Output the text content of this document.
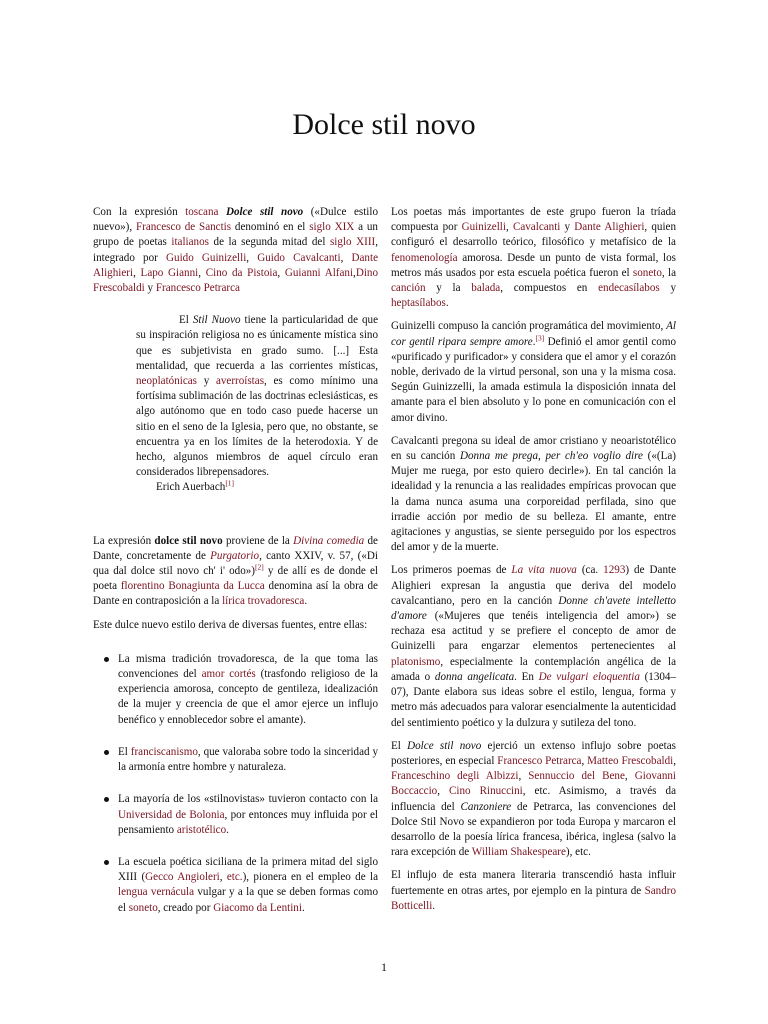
Dolce stil novo

Con la expresión toscana Dolce stil novo («Dulce estilo nuevo»), Francesco de Sanctis denominó en el siglo XIX a un grupo de poetas italianos de la segunda mitad del siglo XIII, integrado por Guido Guinizelli, Guido Cavalcanti, Dante Alighieri, Lapo Gianni, Cino da Pistoia, Guianni Alfani,Dino Frescobaldi y Francesco Petrarca

El Stil Nuovo tiene la particularidad de que su inspiración religiosa no es únicamente mística sino que es subjetivista en grado sumo. [...] Esta mentalidad, que recuerda a las corrientes místicas, neoplatónicas y averroístas, es como mínimo una fortísima sublimación de las doctrinas eclesiásticas, es algo autónomo que en todo caso puede hacerse un sitio en el seno de la Iglesia, pero que, no obstante, se encuentra ya en los límites de la heterodoxia. Y de hecho, algunos miembros de aquel círculo eran considerados librepensadores.

Erich Auerbach[1]

La expresión dolce stil novo proviene de la Divina comedia de Dante, concretamente de Purgatorio, canto XXIV, v. 57, («Di qua dal dolce stil novo ch' i' odo»)[2] y de allí es de donde el poeta florentino Bonagiunta da Lucca denomina así la obra de Dante en contraposición a la lírica trovadoresca.

Este dulce nuevo estilo deriva de diversas fuentes, entre ellas:

La misma tradición trovadoresca, de la que toma las convenciones del amor cortés (trasfondo religioso de la experiencia amorosa, concepto de gentileza, idealización de la mujer y creencia de que el amor ejerce un influjo benéfico y ennoblecedor sobre el amante).
El franciscanismo, que valoraba sobre todo la sinceridad y la armonía entre hombre y naturaleza.
La mayoría de los «stilnovistas» tuvieron contacto con la Universidad de Bolonia, por entonces muy influida por el pensamiento aristotélico.
La escuela poética siciliana de la primera mitad del siglo XIII (Gecco Angioleri, etc.), pionera en el empleo de la lengua vernácula vulgar y a la que se deben formas como el soneto, creado por Giacomo da Lentini.

Los poetas más importantes de este grupo fueron la tríada compuesta por Guinizelli, Cavalcanti y Dante Alighieri, quien configuró el desarrollo teórico, filosófico y metafísico de la fenomenología amorosa. Desde un punto de vista formal, los metros más usados por esta escuela poética fueron el soneto, la canción y la balada, compuestos en endecasílabos y heptasílabos.

Guinizelli compuso la canción programática del movimiento, Al cor gentil ripara sempre amore.[3] Definió el amor gentil como «purificado y purificador» y considera que el amor y el corazón noble, derivado de la virtud personal, son una y la misma cosa. Según Guinizzelli, la amada estimula la disposición innata del amante para el bien absoluto y lo pone en comunicación con el amor divino.

Cavalcanti pregona su ideal de amor cristiano y neoaristotélico en su canción Donna me prega, per ch'eo voglio dire («(La) Mujer me ruega, por esto quiero decirle»). En tal canción la idealidad y la renuncia a las realidades empíricas provocan que la dama nunca asuma una corporeidad perfilada, sino que irradie acción por medio de su belleza. El amante, entre agitaciones y angustias, se siente perseguido por los espectros del amor y de la muerte.

Los primeros poemas de La vita nuova (ca. 1293) de Dante Alighieri expresan la angustia que deriva del modelo cavalcantiano, pero en la canción Donne ch'avete intelletto d'amore («Mujeres que tenéis inteligencia del amor») se rechaza esa actitud y se prefiere el concepto de amor de Guinizelli para engarzar elementos pertenecientes al platonismo, especialmente la contemplación angélica de la amada o donna angelicata. En De vulgari eloquentia (1304–07), Dante elabora sus ideas sobre el estilo, lengua, forma y metro más adecuados para valorar esencialmente la autenticidad del sentimiento poético y la dulzura y sutileza del tono.

El Dolce stil novo ejerció un extenso influjo sobre poetas posteriores, en especial Francesco Petrarca, Matteo Frescobaldi, Franceschino degli Albizzi, Sennuccio del Bene, Giovanni Boccaccio, Cino Rinuccini, etc. Asimismo, a través da influencia del Canzoniere de Petrarca, las convenciones del Dolce Stil Novo se expandieron por toda Europa y marcaron el desarrollo de la poesía lírica francesa, ibérica, inglesa (salvo la rara excepción de William Shakespeare), etc.

El influjo de esta manera literaria transcendió hasta influir fuertemente en otras artes, por ejemplo en la pintura de Sandro Botticelli.

1
